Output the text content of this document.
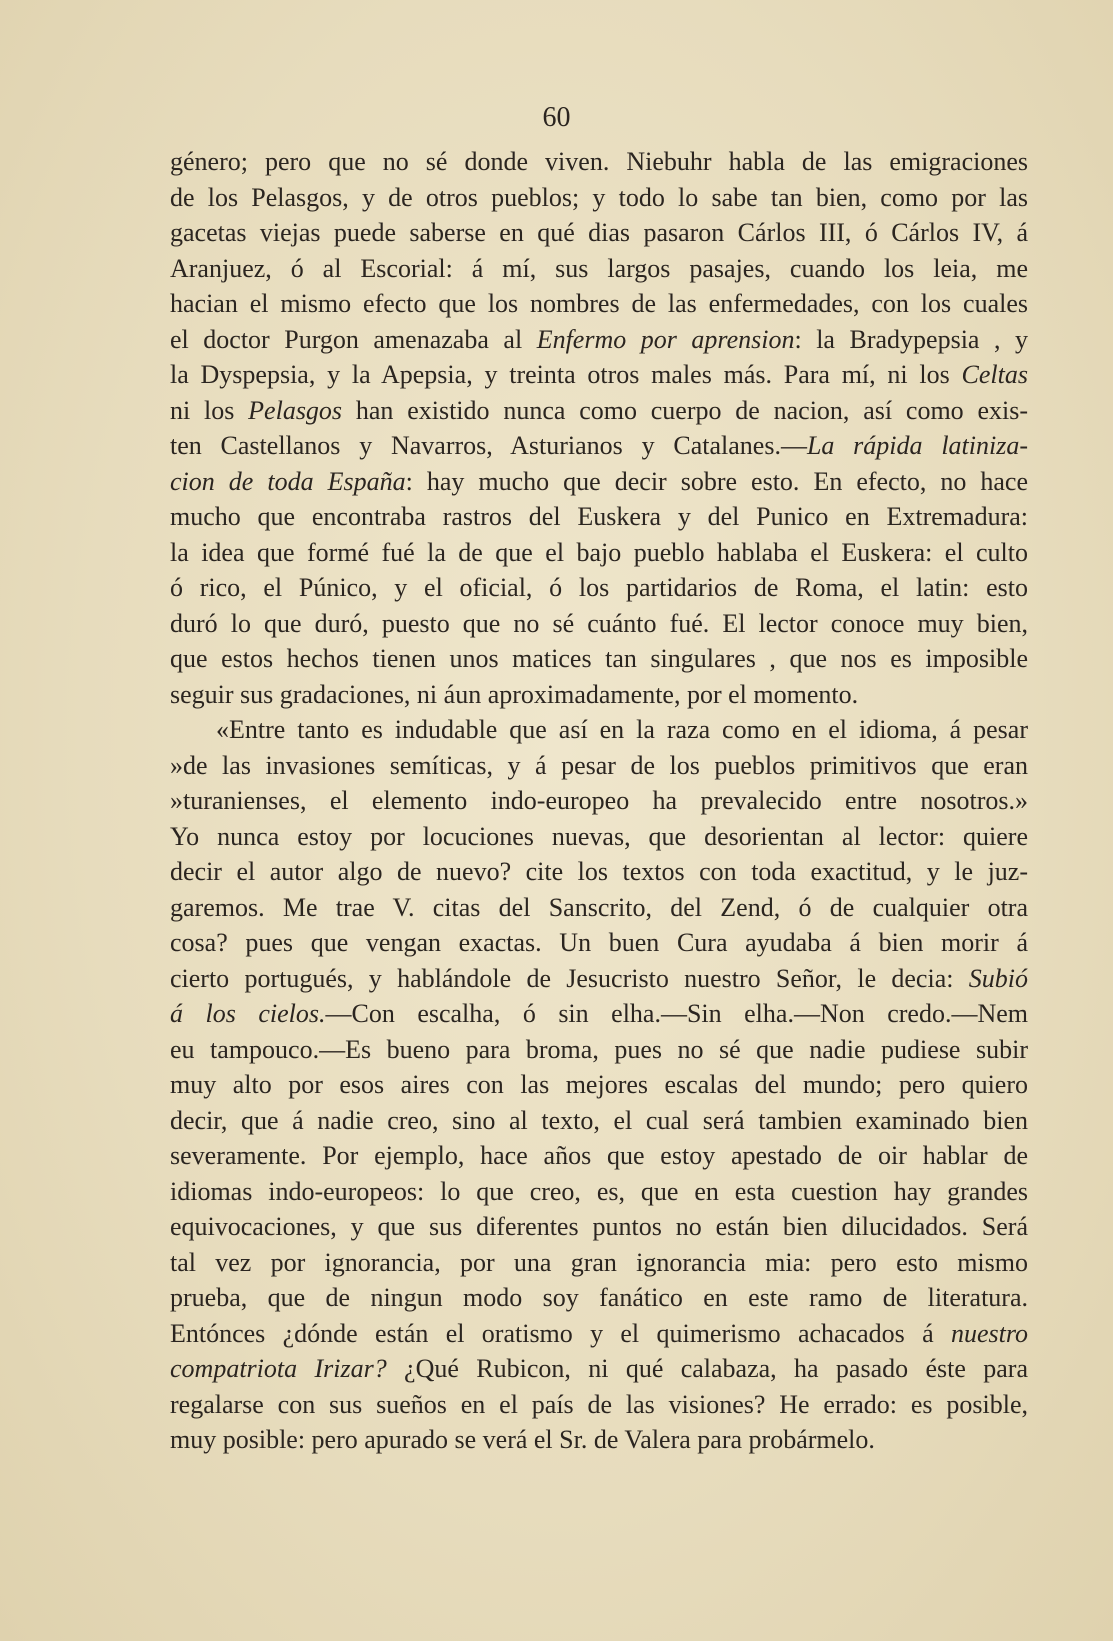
60
género; pero que no sé donde viven. Niebuhr habla de las emigraciones
de los Pelasgos, y de otros pueblos; y todo lo sabe tan bien, como por las
gacetas viejas puede saberse en qué dias pasaron Cárlos III, ó Cárlos IV, á
Aranjuez, ó al Escorial: á mí, sus largos pasajes, cuando los leia, me
hacian el mismo efecto que los nombres de las enfermedades, con los cuales
el doctor Purgon amenazaba al Enfermo por aprension: la Bradypepsia , y
la Dyspepsia, y la Apepsia, y treinta otros males más. Para mí, ni los Celtas
ni los Pelasgos han existido nunca como cuerpo de nacion, así como exis-
ten Castellanos y Navarros, Asturianos y Catalanes.—La rápida latiniza-
cion de toda España: hay mucho que decir sobre esto. En efecto, no hace
mucho que encontraba rastros del Euskera y del Punico en Extremadura:
la idea que formé fué la de que el bajo pueblo hablaba el Euskera: el culto
ó rico, el Púnico, y el oficial, ó los partidarios de Roma, el latin: esto
duró lo que duró, puesto que no sé cuánto fué. El lector conoce muy bien,
que estos hechos tienen unos matices tan singulares , que nos es imposible
seguir sus gradaciones, ni áun aproximadamente, por el momento.
«Entre tanto es indudable que así en la raza como en el idioma, á pesar
»de las invasiones semíticas, y á pesar de los pueblos primitivos que eran
»turanienses, el elemento indo-europeo ha prevalecido entre nosotros.»
Yo nunca estoy por locuciones nuevas, que desorientan al lector: quiere
decir el autor algo de nuevo? cite los textos con toda exactitud, y le juz-
garemos. Me trae V. citas del Sanscrito, del Zend, ó de cualquier otra
cosa? pues que vengan exactas. Un buen Cura ayudaba á bien morir á
cierto portugués, y hablándole de Jesucristo nuestro Señor, le decia: Subió
á los cielos.—Con escalha, ó sin elha.—Sin elha.—Non credo.—Nem
eu tampouco.—Es bueno para broma, pues no sé que nadie pudiese subir
muy alto por esos aires con las mejores escalas del mundo; pero quiero
decir, que á nadie creo, sino al texto, el cual será tambien examinado bien
severamente. Por ejemplo, hace años que estoy apestado de oir hablar de
idiomas indo-europeos: lo que creo, es, que en esta cuestion hay grandes
equivocaciones, y que sus diferentes puntos no están bien dilucidados. Será
tal vez por ignorancia, por una gran ignorancia mia: pero esto mismo
prueba, que de ningun modo soy fanático en este ramo de literatura.
Entónces ¿dónde están el oratismo y el quimerismo achacados á nuestro
compatriota Irizar? ¿Qué Rubicon, ni qué calabaza, ha pasado éste para
regalarse con sus sueños en el país de las visiones? He errado: es posible,
muy posible: pero apurado se verá el Sr. de Valera para probármelo.
